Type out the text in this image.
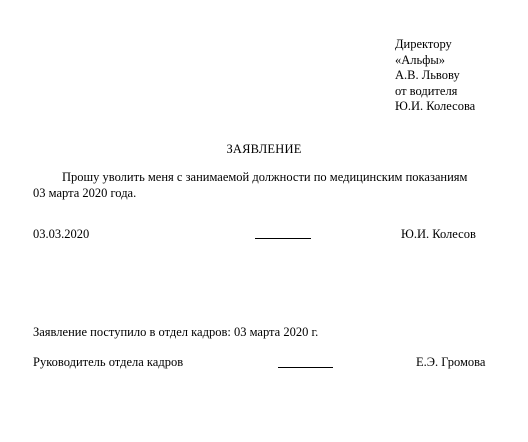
Директору
«Альфы»
А.В. Львову
от водителя
Ю.И. Колесова
ЗАЯВЛЕНИЕ
Прошу уволить меня с занимаемой должности по медицинским показаниям
03 марта 2020 года.
03.03.2020	Ю.И. Колесов
Заявление поступило в отдел кадров: 03 марта 2020 г.
Руководитель отдела кадров	Е.Э. Громова
